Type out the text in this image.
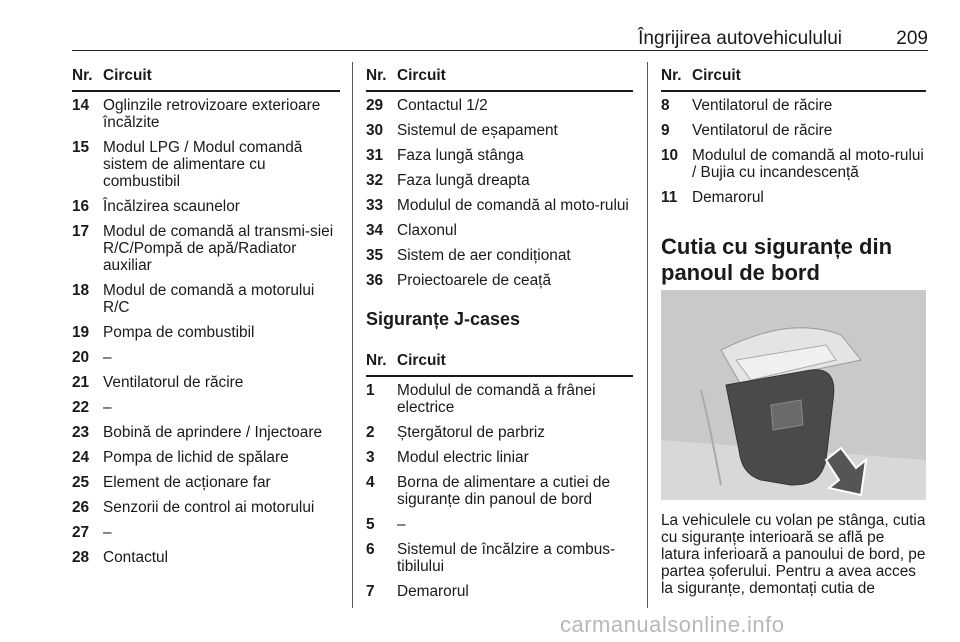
Îngrijirea autovehiculului	209
Nr. Circuit
14 Oglinzile retrovizoare exterioare încălzite
15 Modul LPG / Modul comandă sistem de alimentare cu combustibil
16 Încălzirea scaunelor
17 Modul de comandă al transmi-siei R/C/Pompă de apă/Radiator auxiliar
18 Modul de comandă a motorului R/C
19 Pompa de combustibil
20 –
21 Ventilatorul de răcire
22 –
23 Bobină de aprindere / Injectoare
24 Pompa de lichid de spălare
25 Element de acționare far
26 Senzorii de control ai motorului
27 –
28 Contactul
Nr. Circuit
29 Contactul 1/2
30 Sistemul de eșapament
31 Faza lungă stânga
32 Faza lungă dreapta
33 Modulul de comandă al moto-rului
34 Claxonul
35 Sistem de aer condiționat
36 Proiectoarele de ceață
Siguranțe J-cases
Nr. Circuit
1	Modulul de comandă a frânei electrice
2	Ștergătorul de parbriz
3	Modul electric liniar
4	Borna de alimentare a cutiei de siguranțe din panoul de bord
5	–
6	Sistemul de încălzire a combus-tibilului
7	Demarorul
Nr. Circuit
8	Ventilatorul de răcire
9	Ventilatorul de răcire
10 Modulul de comandă al moto-rului / Bujia cu incandescență
11 Demarorul
Cutia cu siguranțe din panoul de bord
La vehiculele cu volan pe stânga, cutia cu siguranțe interioară se află pe latura inferioară a panoului de bord, pe partea șoferului. Pentru a avea acces la siguranțe, demontați cutia de
carmanualsonline.info
